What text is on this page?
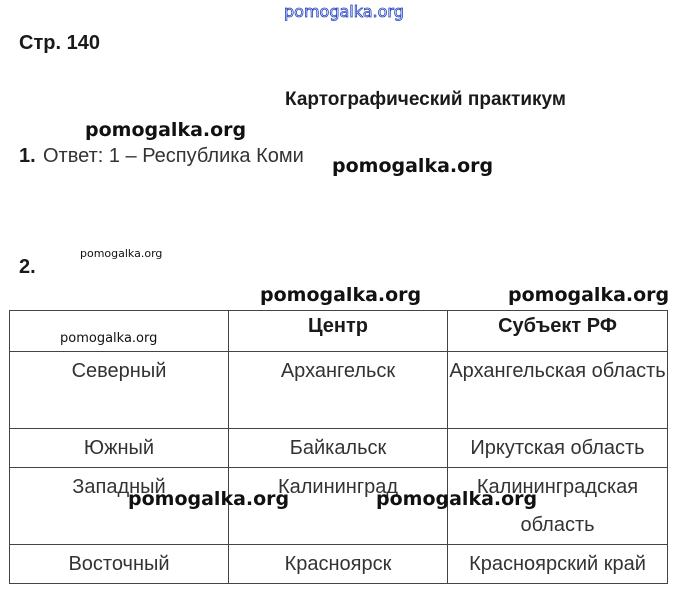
pomogalka.org
Стр. 140
Картографический практикум
pomogalka.org
1. Ответ: 1 – Республика Коми pomogalka.org
pomogalka.org
2.
pomogalka.org	pomogalka.org
	Центр	Субъект РФ
Северный	Архангельск	Архангельская область
Южный	Байкальск	Иркутская область
Западный	Калининград	Калининградская область
Восточный	Красноярск	Красноярский край
pomogalka.org
pomogalka.org	pomogalka.org
